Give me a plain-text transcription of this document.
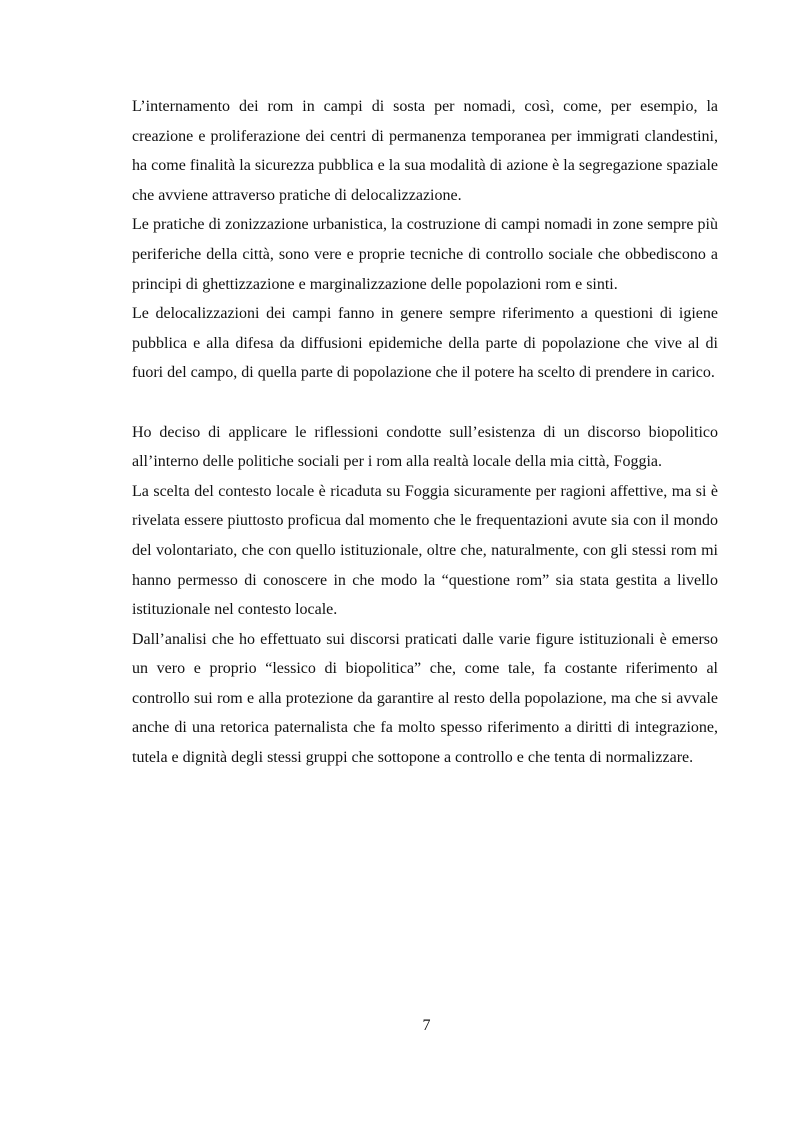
L’internamento dei rom in campi di sosta per nomadi, così, come, per esempio, la creazione e proliferazione dei centri di permanenza temporanea per immigrati clandestini, ha come finalità la sicurezza pubblica e la sua modalità di azione è la segregazione spaziale che avviene attraverso pratiche di delocalizzazione.

Le pratiche di zonizzazione urbanistica, la costruzione di campi nomadi in zone sempre più periferiche della città, sono vere e proprie tecniche di controllo sociale che obbediscono a principi di ghettizzazione e marginalizzazione delle popolazioni rom e sinti.

Le delocalizzazioni dei campi fanno in genere sempre riferimento a questioni di igiene pubblica e alla difesa da diffusioni epidemiche della parte di popolazione che vive al di fuori del campo, di quella parte di popolazione che il potere ha scelto di prendere in carico.

Ho deciso di applicare le riflessioni condotte sull’esistenza di un discorso biopolitico all’interno delle politiche sociali per i rom alla realtà locale della mia città, Foggia.

La scelta del contesto locale è ricaduta su Foggia sicuramente per ragioni affettive, ma si è rivelata essere piuttosto proficua dal momento che le frequentazioni avute sia con il mondo del volontariato, che con quello istituzionale, oltre che, naturalmente, con gli stessi rom mi hanno permesso di conoscere in che modo la “questione rom” sia stata gestita a livello istituzionale nel contesto locale.

Dall’analisi che ho effettuato sui discorsi praticati dalle varie figure istituzionali è emerso un vero e proprio “lessico di biopolitica” che, come tale, fa costante riferimento al controllo sui rom e alla protezione da garantire al resto della popolazione, ma che si avvale anche di una retorica paternalista che fa molto spesso riferimento a diritti di integrazione, tutela e dignità degli stessi gruppi che sottopone a controllo e che tenta di normalizzare.

7
